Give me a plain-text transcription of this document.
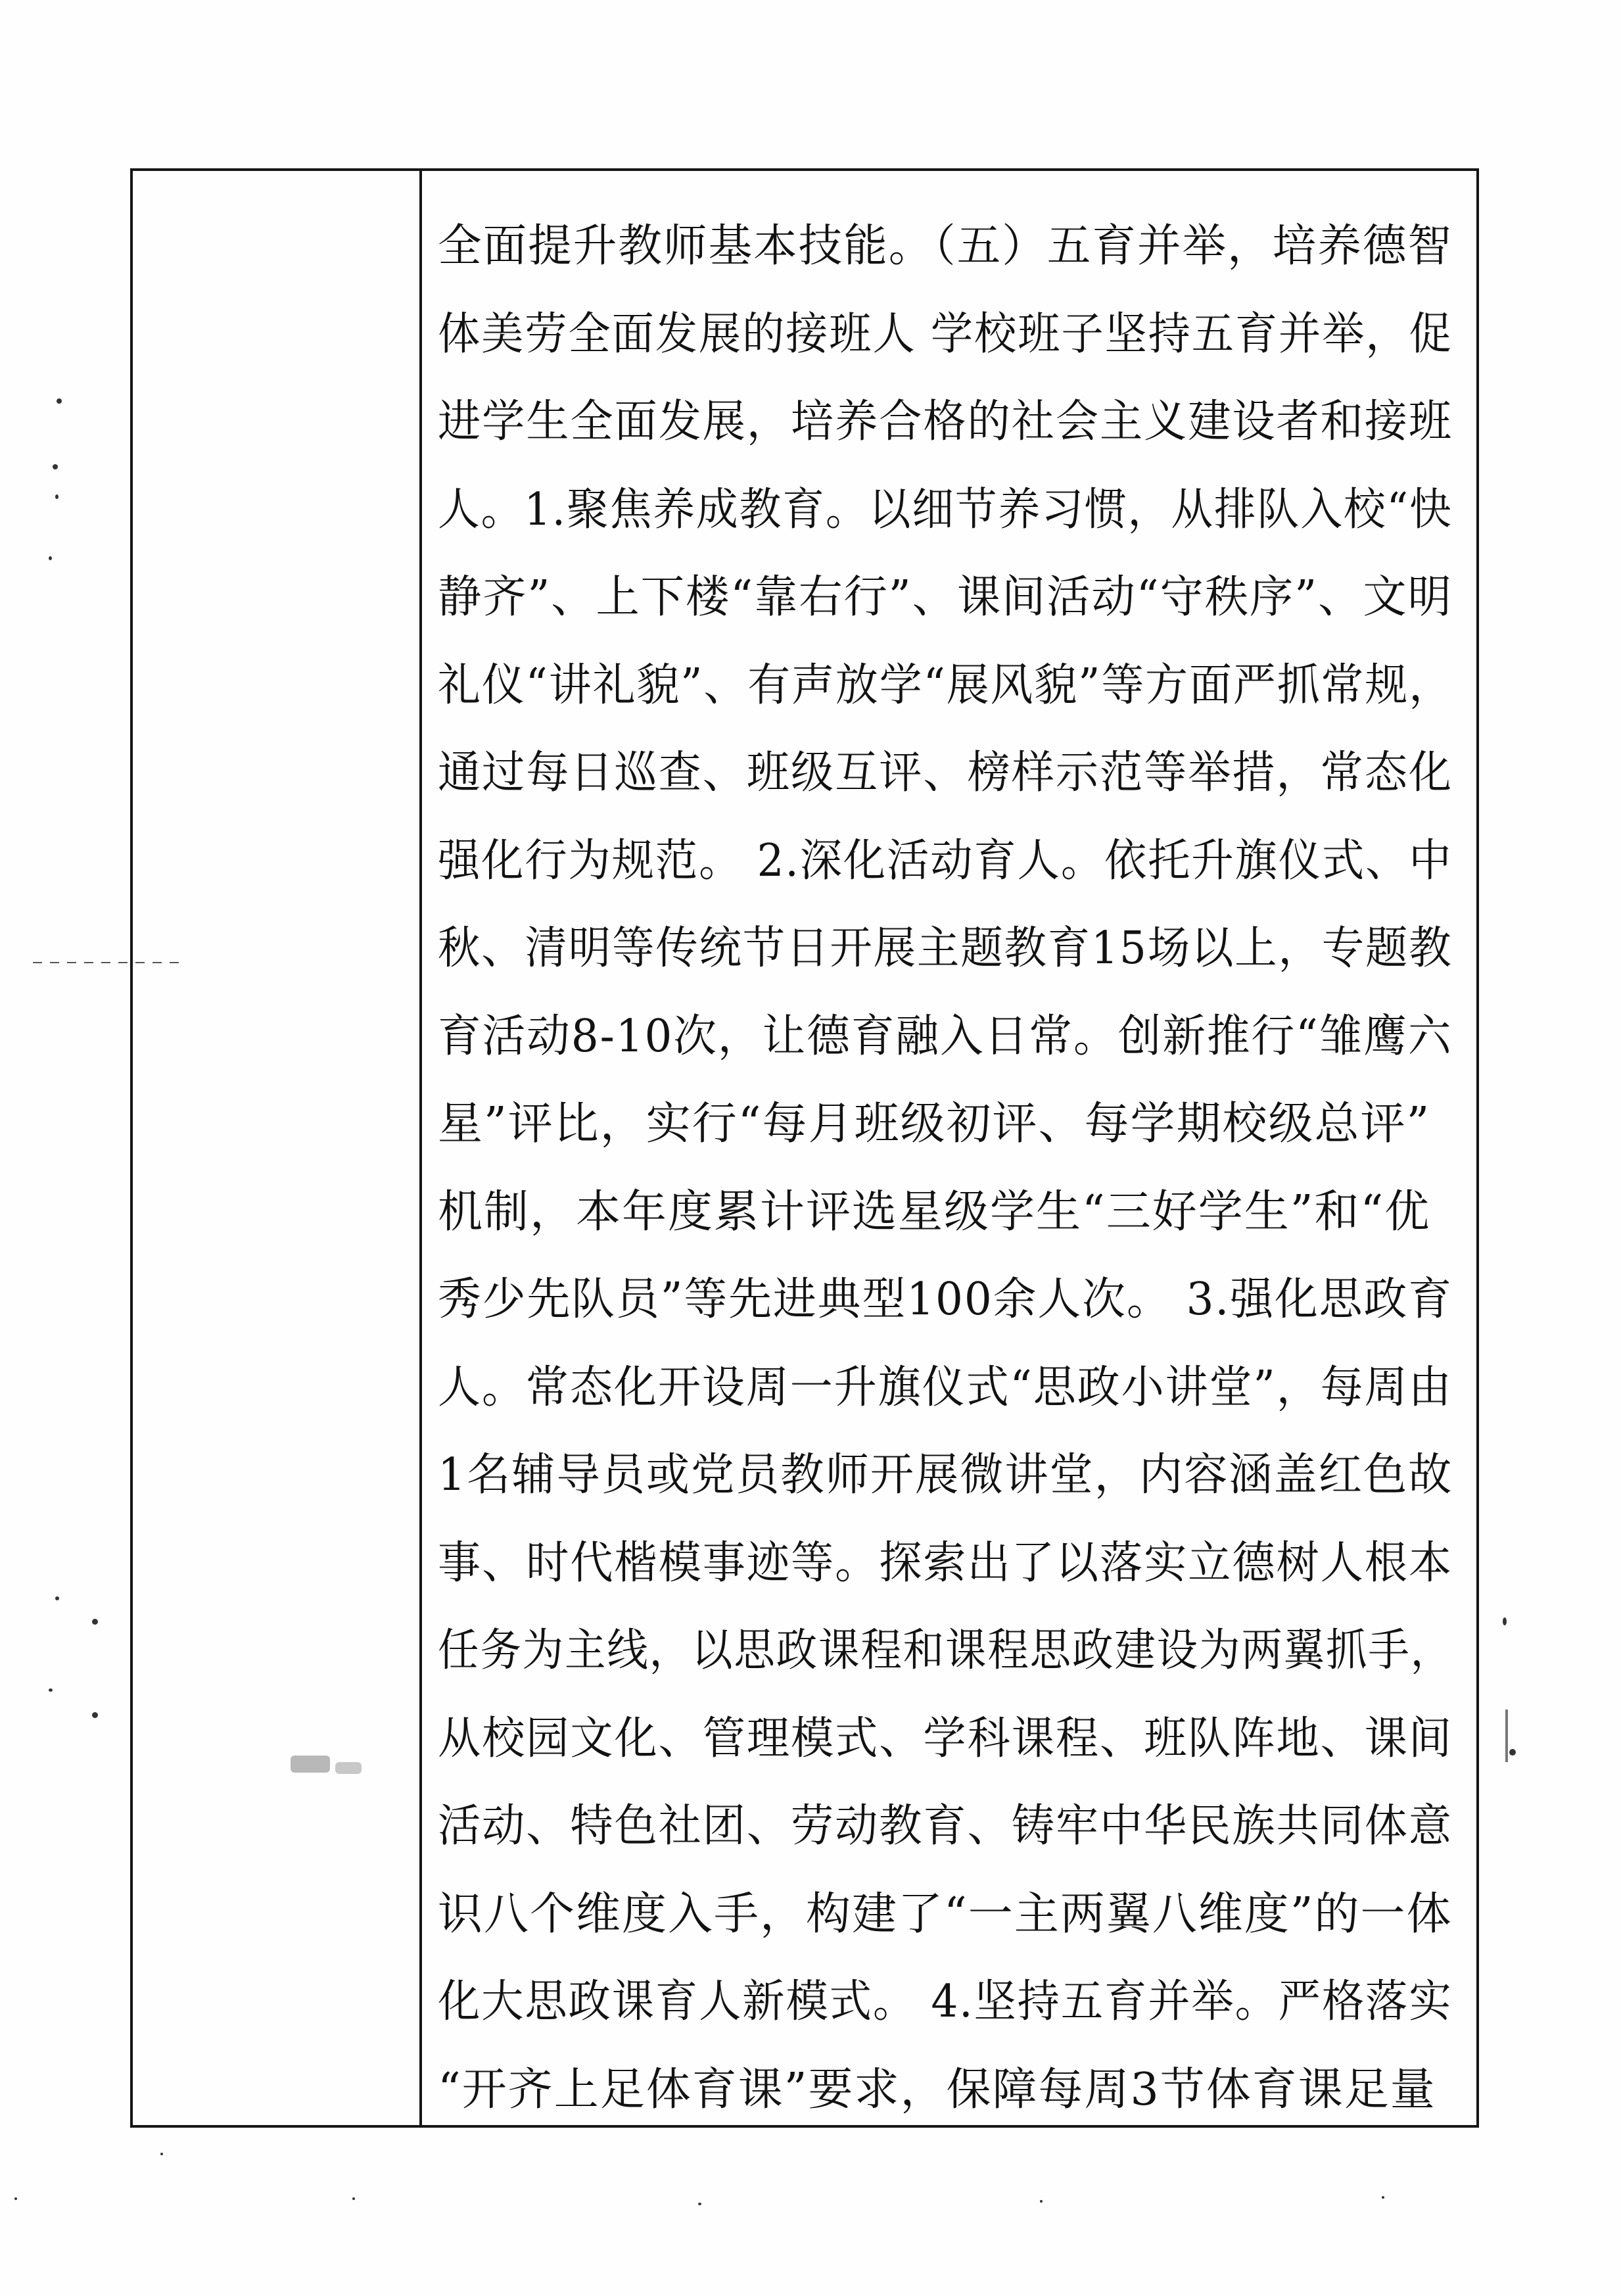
全面提升教师基本技能。（五）五育并举，培养德智
体美劳全面发展的接班人 学校班子坚持五育并举，促
进学生全面发展，培养合格的社会主义建设者和接班
人。1.聚焦养成教育。以细节养习惯，从排队入校“快
静齐”、上下楼“靠右行”、课间活动“守秩序”、文明
礼仪“讲礼貌”、有声放学“展风貌”等方面严抓常规，
通过每日巡查、班级互评、榜样示范等举措，常态化
强化行为规范。 2.深化活动育人。依托升旗仪式、中
秋、清明等传统节日开展主题教育15场以上，专题教
育活动8-10次，让德育融入日常。创新推行“雏鹰六
星”评比，实行“每月班级初评、每学期校级总评”
机制，本年度累计评选星级学生“三好学生”和“优
秀少先队员”等先进典型100余人次。 3.强化思政育
人。常态化开设周一升旗仪式“思政小讲堂”，每周由
1名辅导员或党员教师开展微讲堂，内容涵盖红色故
事、时代楷模事迹等。探索出了以落实立德树人根本
任务为主线，以思政课程和课程思政建设为两翼抓手，
从校园文化、管理模式、学科课程、班队阵地、课间
活动、特色社团、劳动教育、铸牢中华民族共同体意
识八个维度入手，构建了“一主两翼八维度”的一体
化大思政课育人新模式。 4.坚持五育并举。严格落实
“开齐上足体育课”要求，保障每周3节体育课足量
